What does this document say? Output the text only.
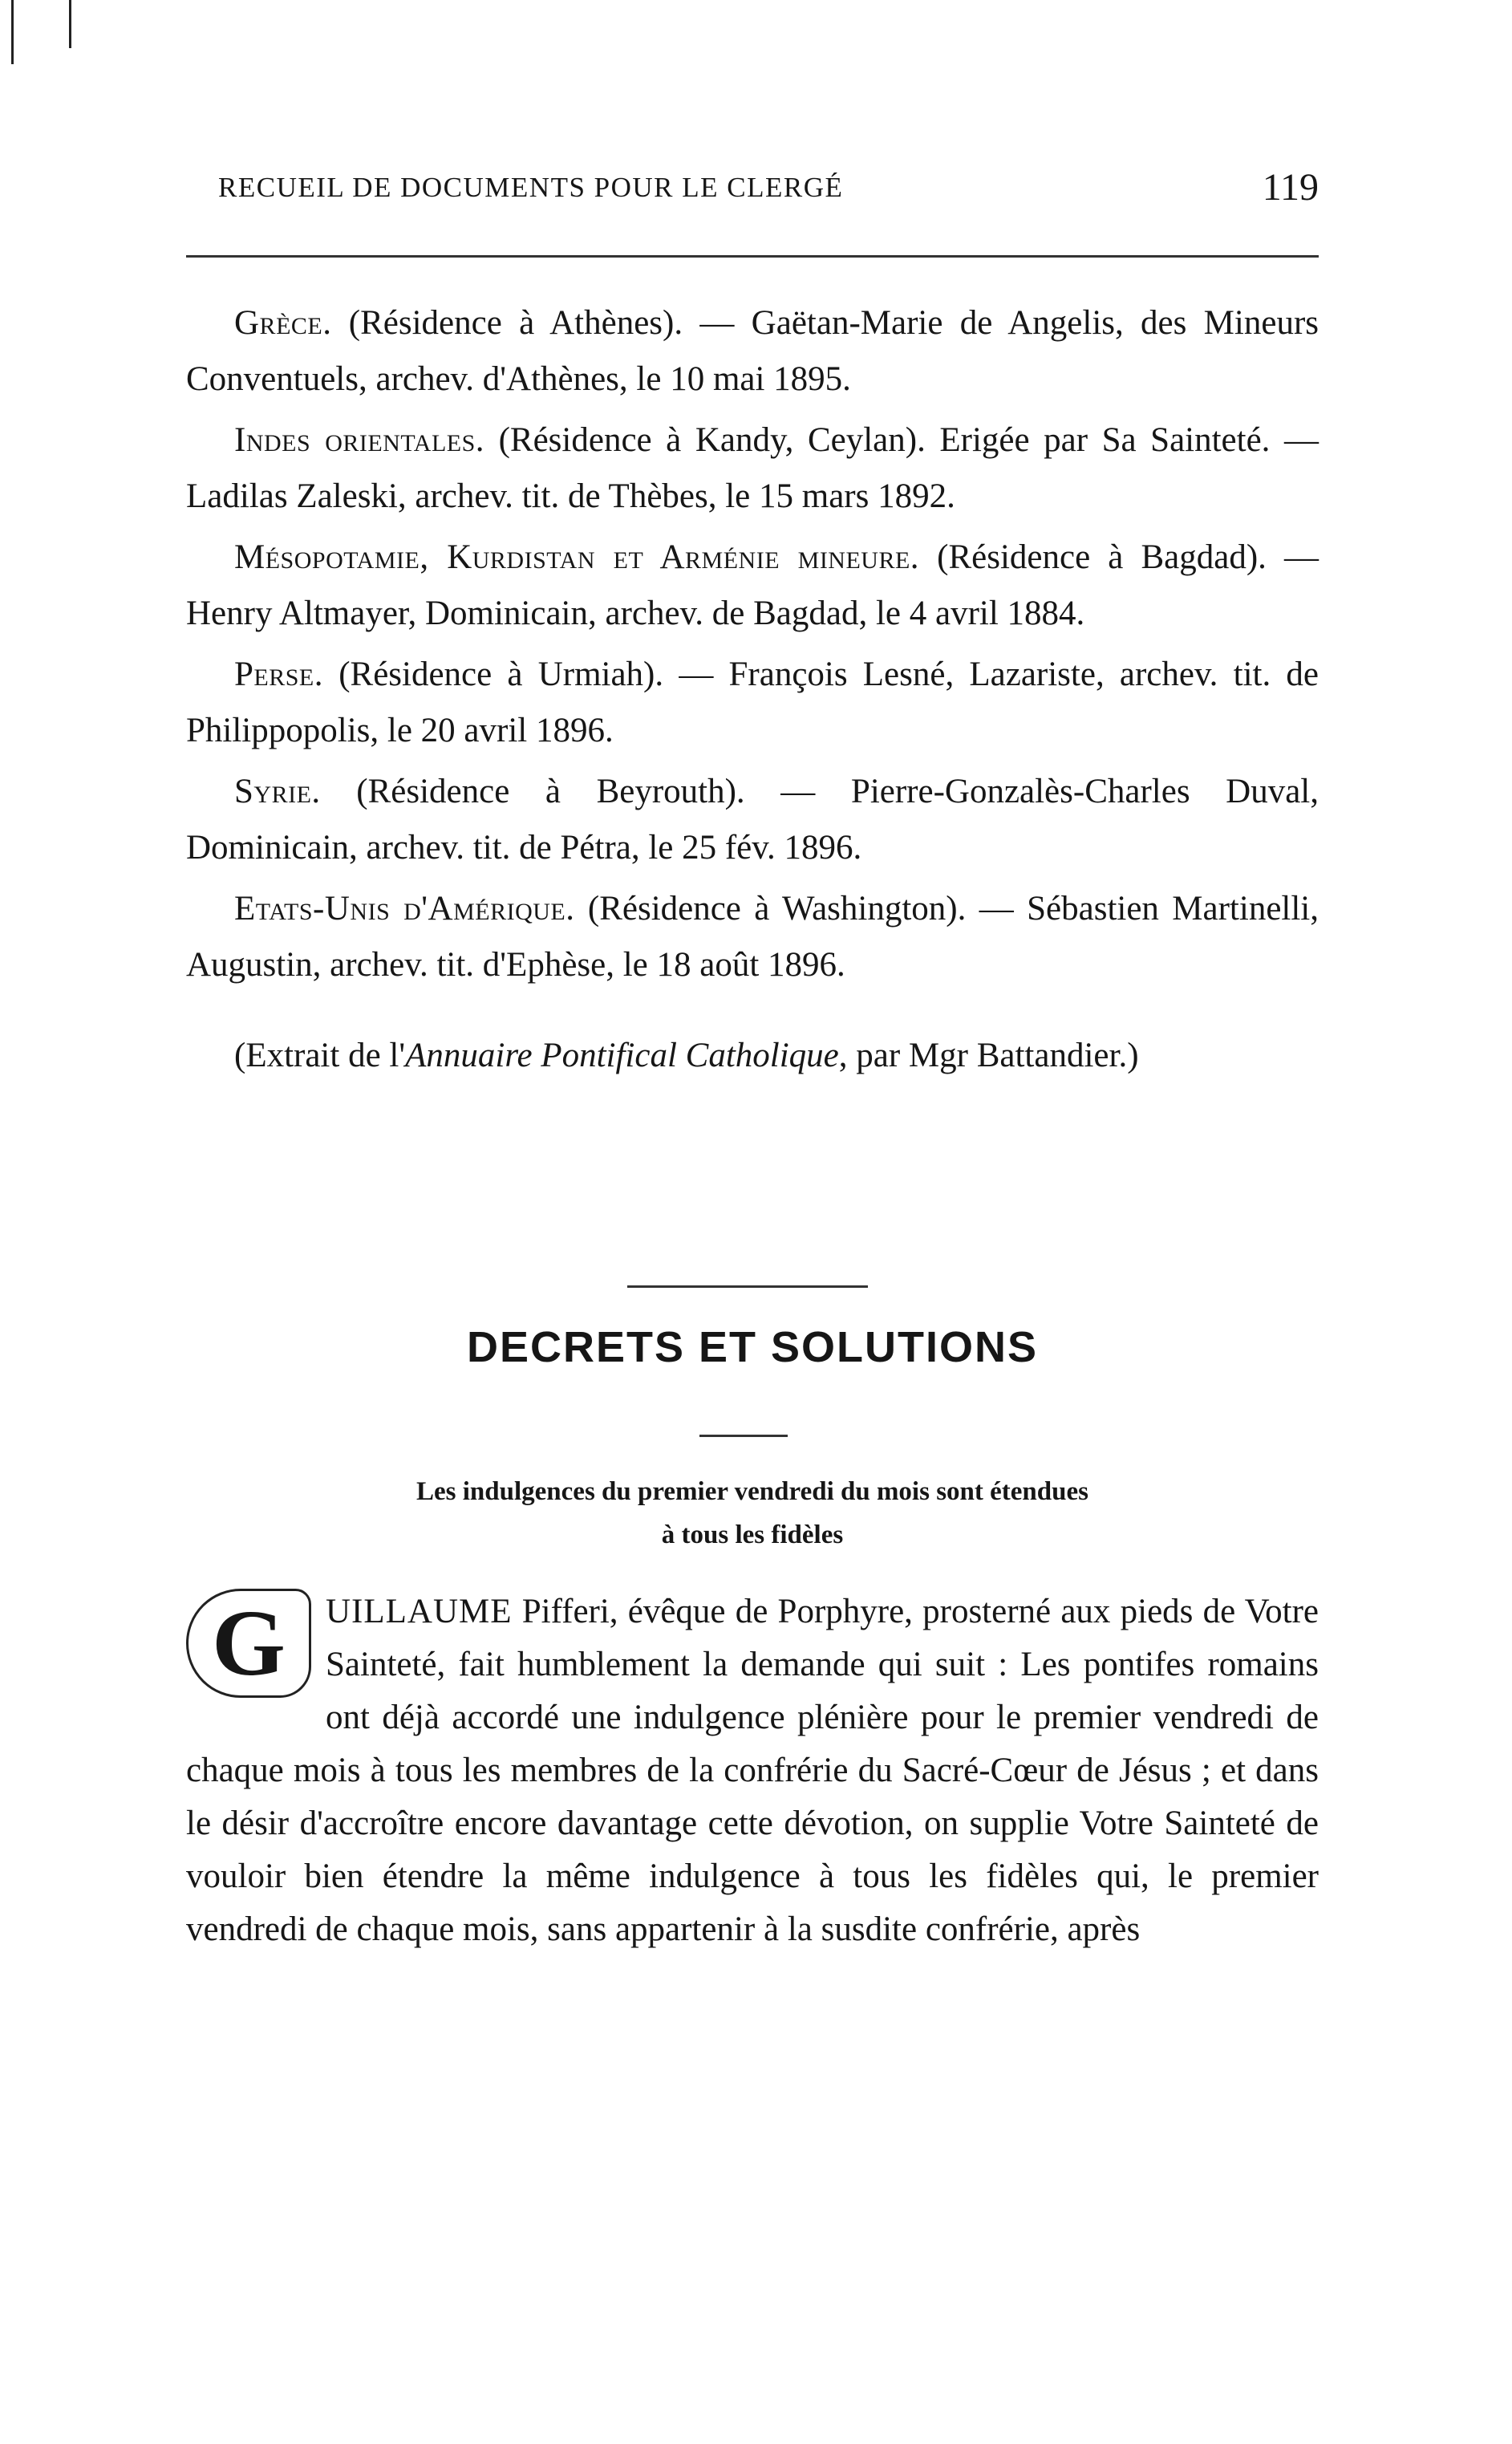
RECUEIL DE DOCUMENTS POUR LE CLERGÉ	119

Grèce. (Résidence à Athènes). — Gaëtan-Marie de Angelis, des Mineurs Conventuels, archev. d'Athènes, le 10 mai 1895.

Indes orientales. (Résidence à Kandy, Ceylan). Erigée par Sa Sainteté. — Ladilas Zaleski, archev. tit. de Thèbes, le 15 mars 1892.

Mésopotamie, Kurdistan et Arménie mineure. (Résidence à Bagdad). — Henry Altmayer, Dominicain, archev. de Bagdad, le 4 avril 1884.

Perse. (Résidence à Urmiah). — François Lesné, Lazariste, archev. tit. de Philippopolis, le 20 avril 1896.

Syrie. (Résidence à Beyrouth). — Pierre-Gonzalès-Charles Duval, Dominicain, archev. tit. de Pétra, le 25 fév. 1896.

Etats-Unis d'Amérique. (Résidence à Washington). — Sébastien Martinelli, Augustin, archev. tit. d'Ephèse, le 18 août 1896.

(Extrait de l'Annuaire Pontifical Catholique, par Mgr Battandier.)

DECRETS ET SOLUTIONS
Les indulgences du premier vendredi du mois sont étendues
à tous les fidèles
G	UILLAUME Pifferi, évêque de Porphyre, prosterné aux pieds de Votre Sainteté, fait humblement la demande qui suit : Les pontifes romains ont déjà accordé une indulgence plénière pour le premier vendredi de chaque mois à tous les membres de la confrérie du Sacré-Cœur de Jésus ; et dans le désir d'accroître encore davantage cette dévotion, on supplie Votre Sainteté de vouloir bien étendre la même indulgence à tous les fidèles qui, le premier vendredi de chaque mois, sans appartenir à la susdite confrérie, après
